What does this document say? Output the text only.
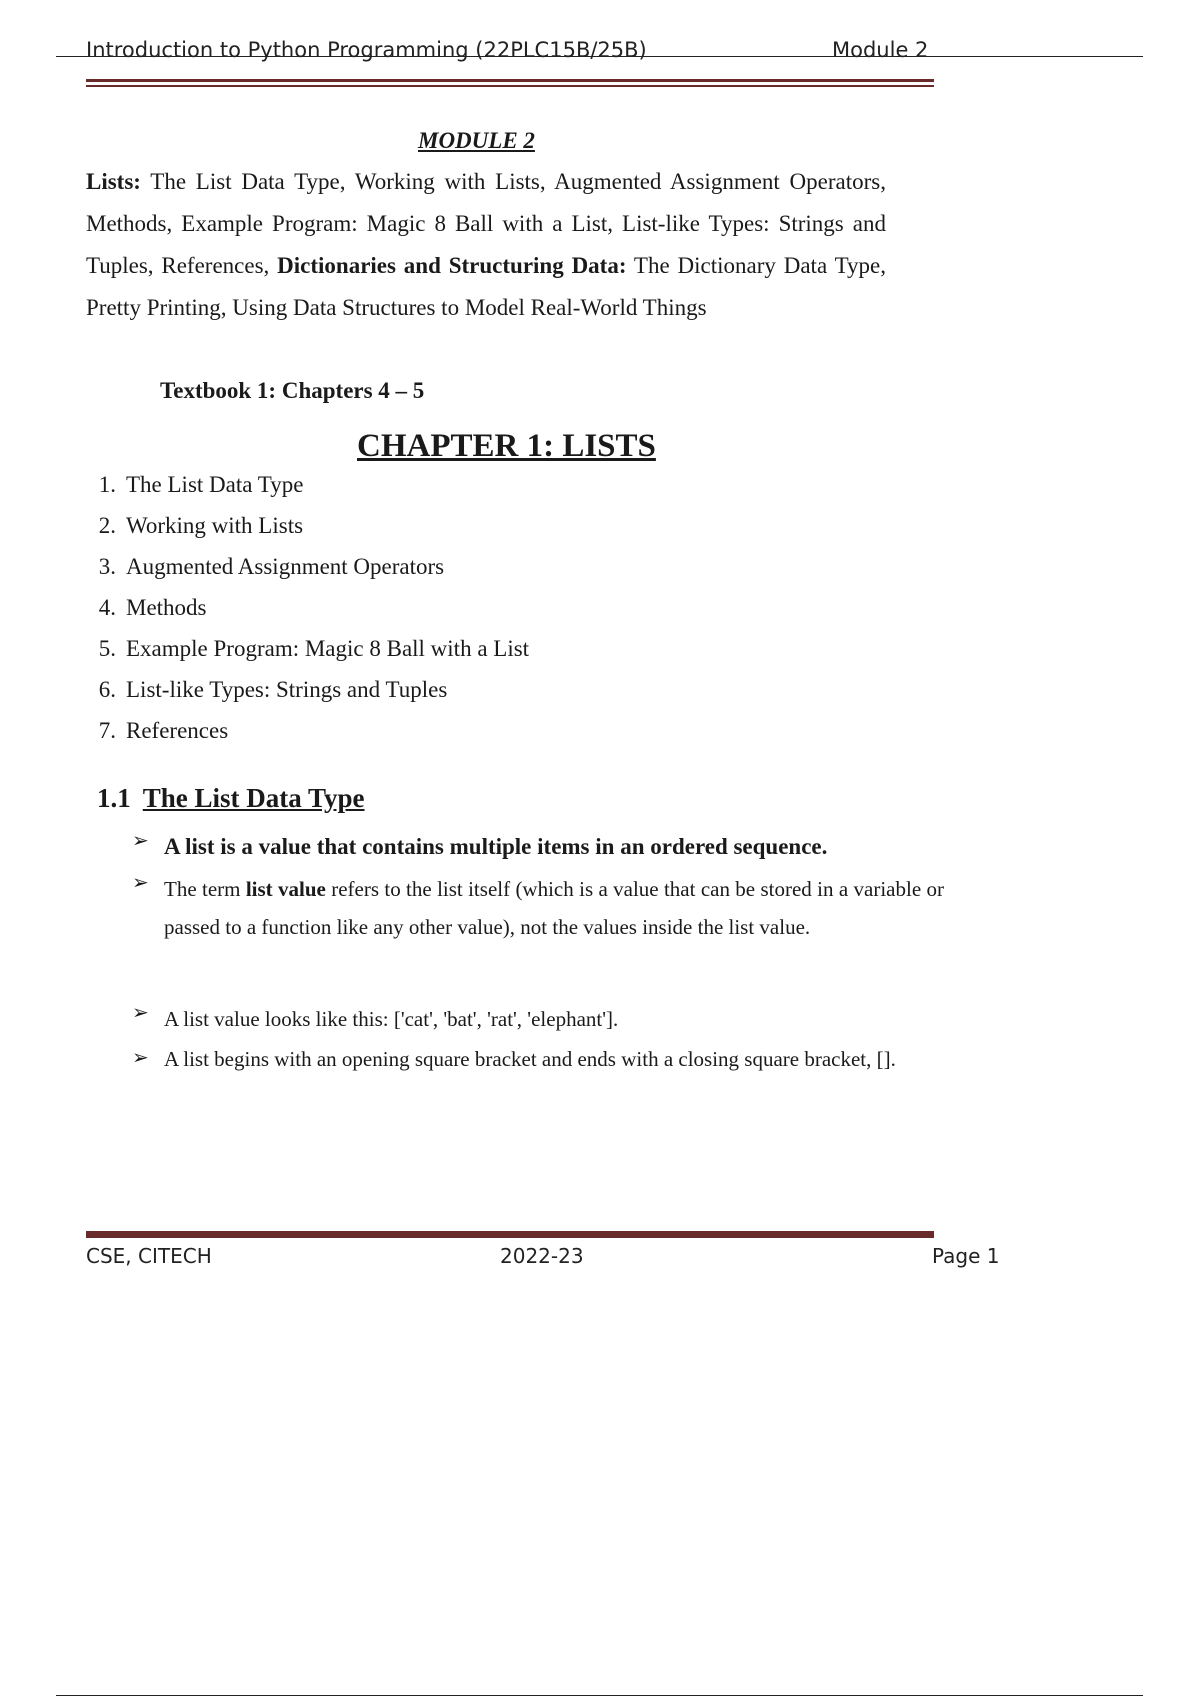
Introduction to Python Programming (22PLC15B/25B)	Module 2
MODULE 2
Lists: The List Data Type, Working with Lists, Augmented Assignment Operators, Methods, Example Program: Magic 8 Ball with a List, List-like Types: Strings and Tuples, References, Dictionaries and Structuring Data: The Dictionary Data Type, Pretty Printing, Using Data Structures to Model Real-World Things
Textbook 1: Chapters 4 – 5
CHAPTER 1: LISTS
1. The List Data Type
2. Working with Lists
3. Augmented Assignment Operators
4. Methods
5. Example Program: Magic 8 Ball with a List
6. List-like Types: Strings and Tuples
7. References
1.1 The List Data Type
➢ A list is a value that contains multiple items in an ordered sequence.
➢ The term list value refers to the list itself (which is a value that can be stored in a variable or passed to a function like any other value), not the values inside the list value.
➢ A list value looks like this: ['cat', 'bat', 'rat', 'elephant'].
➢ A list begins with an opening square bracket and ends with a closing square bracket, [].
CSE, CITECH	2022-23	Page 1
